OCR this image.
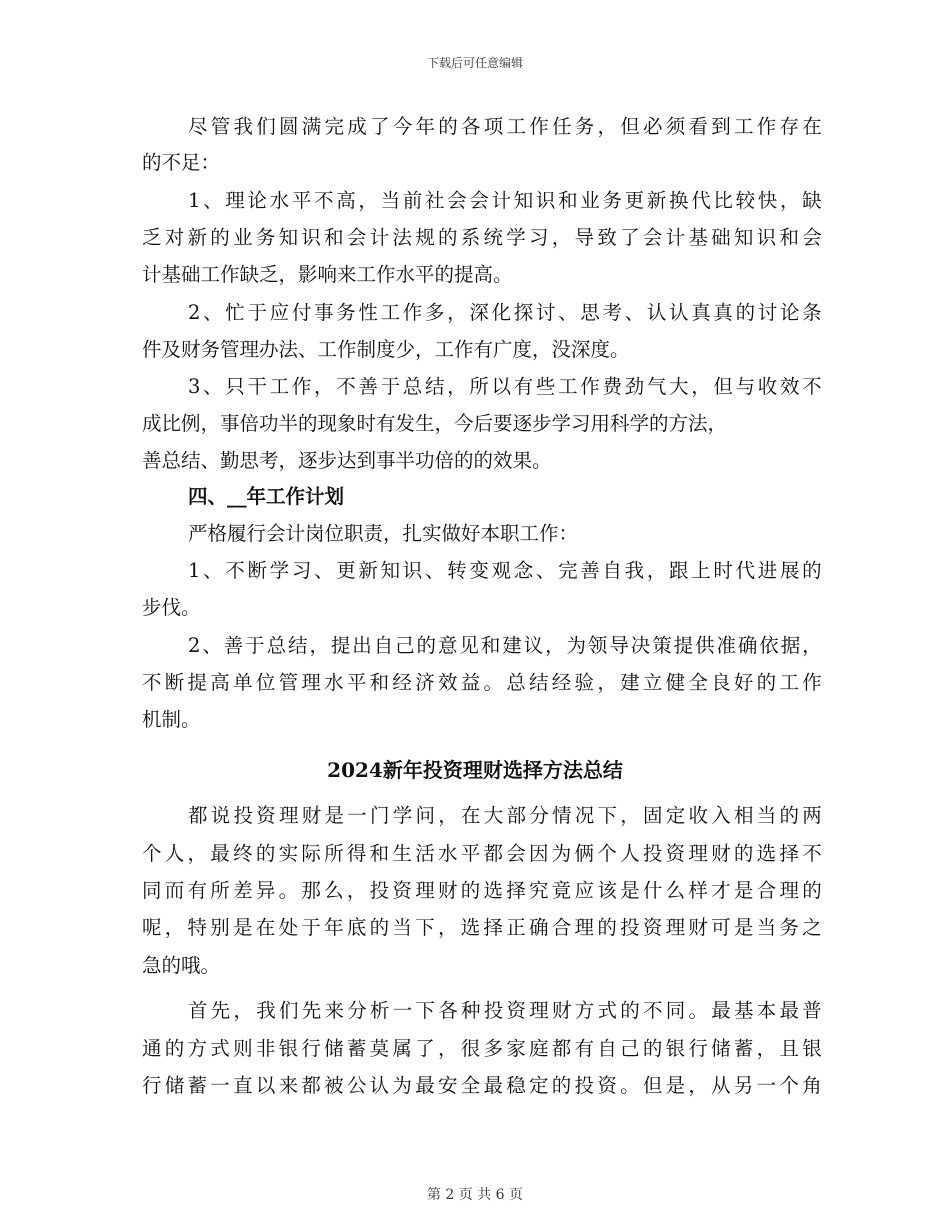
下载后可任意编辑
尽 管 我 们 圆 满 完 成 了 今 年 的 各 项 工 作 任 务 ， 但 必 须 看 到 工 作 存 在
的不足：
1 、 理 论 水 平 不 高 ， 当 前 社 会 会 计 知 识 和 业 务 更 新 换 代 比 较 快 ， 缺
乏 对 新 的 业 务 知 识 和 会 计 法 规 的 系 统 学 习 ， 导 致 了 会 计 基 础 知 识 和 会
计基础工作缺乏，影响来工作水平的提高。
2 、 忙 于 应 付 事 务 性 工 作 多 ， 深 化 探 讨 、 思 考 、 认 认 真 真 的 讨 论 条
件及财务管理办法、工作制度少，工作有广度，没深度。
3 、 只 干 工 作 ， 不 善 于 总 结 ， 所 以 有 些 工 作 费 劲 气 大 ， 但 与 收 效 不
成比例，事倍功半的现象时有发生，今后要逐步学习用科学的方法，
善总结、勤思考，逐步达到事半功倍的的效果。
四、__年工作计划
严格履行会计岗位职责，扎实做好本职工作：
1 、 不 断 学 习 、 更 新 知 识 、 转 变 观 念 、 完 善 自 我 ， 跟 上 时 代 进 展 的
步伐。
2 、 善 于 总 结 ， 提 出 自 己 的 意 见 和 建 议 ， 为 领 导 决 策 提 供 准 确 依 据 ，
不 断 提 高 单 位 管 理 水 平 和 经 济 效 益 。 总 结 经 验 ， 建 立 健 全 良 好 的 工 作
机制。
2024新年投资理财选择方法总结
都 说 投 资 理 财 是 一 门 学 问 ， 在 大 部 分 情 况 下 ， 固 定 收 入 相 当 的 两
个 人 ， 最 终 的 实 际 所 得 和 生 活 水 平 都 会 因 为 俩 个 人 投 资 理 财 的 选 择 不
同 而 有 所 差 异 。 那 么 ， 投 资 理 财 的 选 择 究 竟 应 该 是 什 么 样 才 是 合 理 的
呢 ， 特 别 是 在 处 于 年 底 的 当 下 ， 选 择 正 确 合 理 的 投 资 理 财 可 是 当 务 之
急的哦。
首 先 ， 我 们 先 来 分 析 一 下 各 种 投 资 理 财 方 式 的 不 同 。 最 基 本 最 普
通 的 方 式 则 非 银 行 储 蓄 莫 属 了 ， 很 多 家 庭 都 有 自 己 的 银 行 储 蓄 ， 且 银
行 储 蓄 一 直 以 来 都 被 公 认 为 最 安 全 最 稳 定 的 投 资 。 但 是 ， 从 另 一 个 角
第 2 页 共 6 页
